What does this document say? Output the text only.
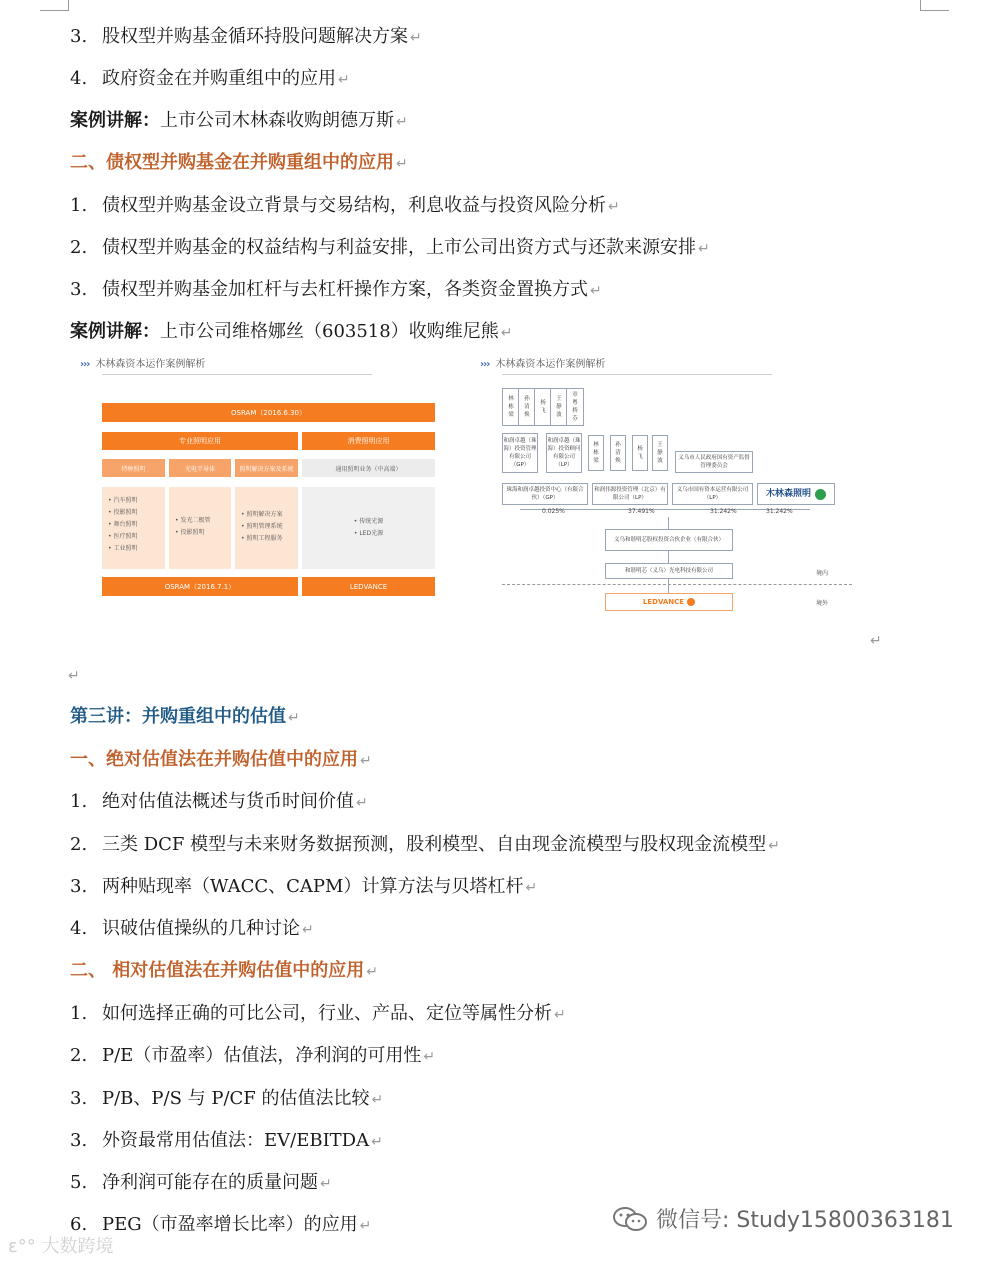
3. 股权型并购基金循环持股问题解决方案 ↵
4. 政府资金在并购重组中的应用 ↵
案例讲解：上市公司木林森收购朗德万斯 ↵
二、债权型并购基金在并购重组中的应用 ↵
1. 债权型并购基金设立背景与交易结构，利息收益与投资风险分析 ↵
2. 债权型并购基金的权益结构与利益安排，上市公司出资方式与还款来源安排 ↵
3. 债权型并购基金加杠杆与去杠杆操作方案，各类资金置换方式 ↵
案例讲解：上市公司维格娜丝（603518）收购维尼熊 ↵
第三讲：并购重组中的估值 ↵
一、绝对估值法在并购估值中的应用 ↵
1. 绝对估值法概述与货币时间价值 ↵
2. 三类 DCF 模型与未来财务数据预测，股利模型、自由现金流模型与股权现金流模型 ↵
3. 两种贴现率（WACC、CAPM）计算方法与贝塔杠杆 ↵
4. 识破估值操纵的几种讨论 ↵
二、 相对估值法在并购估值中的应用 ↵
1. 如何选择正确的可比公司，行业、产品、定位等属性分析 ↵
2. P/E（市盈率）估值法，净利润的可用性 ↵
3. P/B、P/S 与 P/CF 的估值法比较 ↵
3. 外资最常用估值法：EV/EBITDA ↵
5. 净利润可能存在的质量问题 ↵
6. PEG（市盈率增长比率）的应用 ↵
››› 木林森资本运作案例解析
OSRAM（2016.6.30）
专业照明应用	消费照明应用
特种照明	光电半导体	照明解决方案及系统	通用照明业务（中高端）
• 汽车照明
• 投影照明
• 舞台照明
• 医疗照明
• 工业照明
• 发光二极管
• 投影照明
• 照明解决方案
• 照明管理系统
• 照明工程服务
• 传统光源
• LED光源
OSRAM（2016.7.1）	LEDVANCE
››› 木林森资本运作案例解析
林
栋
梁
孙
清
焕
杨
飞
王
静
波
章
粤
桥
芬
和润卓越（珠海）投资管理有限公司（GP）
和润卓越（珠海）投资顾问有限公司（LP）
林
栋
梁
孙
清
焕
杨
飞
王
静
波	义乌市人民政府国有资产监督管理委员会
珠海和润卓越投资中心（有限合伙）（GP）
和润伟源投资管理（北京）有限公司（LP）
义乌市国有资本运营有限公司（LP）	木林森照明
0.025%	37.491%	31.242%	31.242%
义乌和谐明芯股权投资合伙企业（有限合伙）
和谐明芯（义乌）光电科技有限公司	境内
LEDVANCE	境外
↵
↵
微信号: Study15800363181
ɛ°° 大数跨境
